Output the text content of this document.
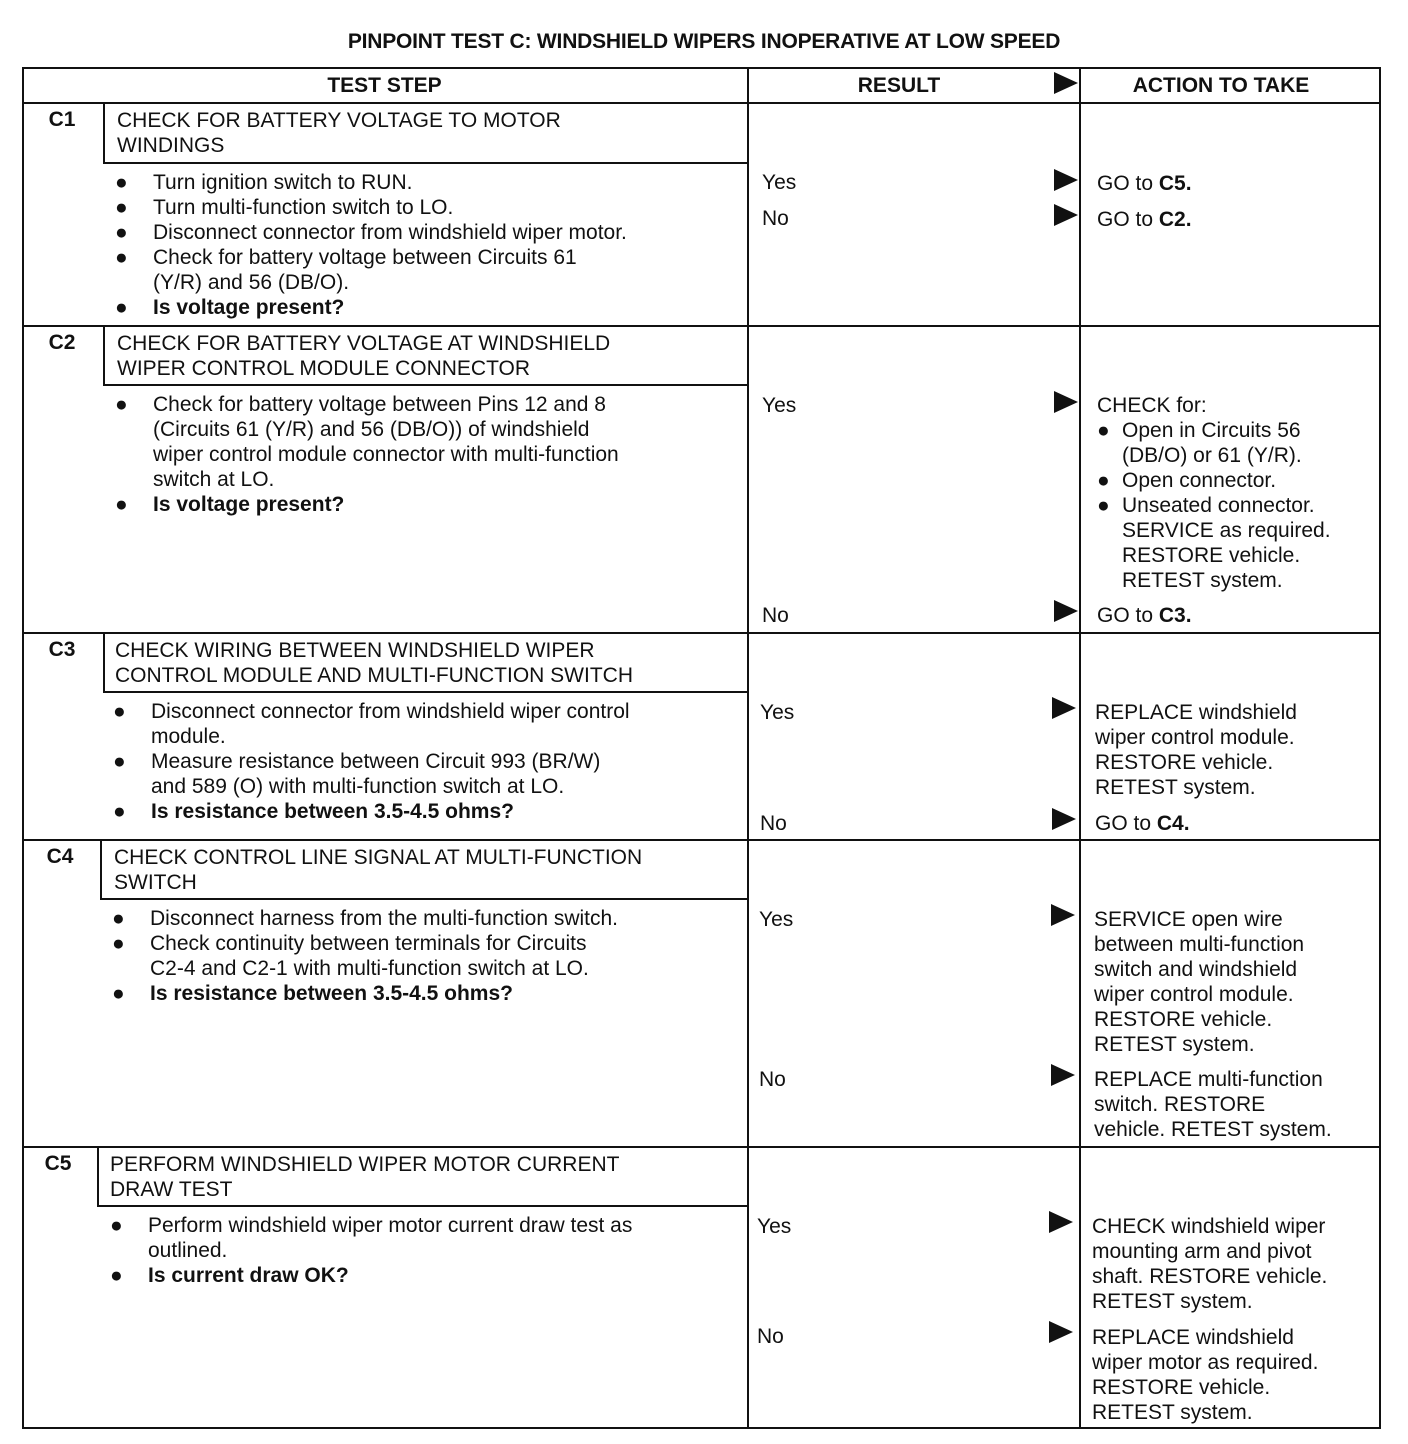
PINPOINT TEST C: WINDSHIELD WIPERS INOPERATIVE AT LOW SPEED
TEST STEP	RESULT	ACTION TO TAKE
C1	CHECK FOR BATTERY VOLTAGE TO MOTOR
WINDINGS
● Turn ignition switch to RUN.
● Turn multi-function switch to LO.
● Disconnect connector from windshield wiper motor.
● Check for battery voltage between Circuits 61
(Y/R) and 56 (DB/O).
● Is voltage present?
Yes	GO to C5.
No	GO to C2.
C2	CHECK FOR BATTERY VOLTAGE AT WINDSHIELD
WIPER CONTROL MODULE CONNECTOR
● Check for battery voltage between Pins 12 and 8
(Circuits 61 (Y/R) and 56 (DB/O)) of windshield
wiper control module connector with multi-function
switch at LO.
● Is voltage present?
Yes	CHECK for:
● Open in Circuits 56
(DB/O) or 61 (Y/R).
● Open connector.
● Unseated connector.
SERVICE as required.
RESTORE vehicle.
RETEST system.
No	GO to C3.
C3	CHECK WIRING BETWEEN WINDSHIELD WIPER
CONTROL MODULE AND MULTI-FUNCTION SWITCH
● Disconnect connector from windshield wiper control
module.
● Measure resistance between Circuit 993 (BR/W)
and 589 (O) with multi-function switch at LO.
● Is resistance between 3.5-4.5 ohms?
Yes	REPLACE windshield
wiper control module.
RESTORE vehicle.
RETEST system.
No	GO to C4.
C4	CHECK CONTROL LINE SIGNAL AT MULTI-FUNCTION
SWITCH
● Disconnect harness from the multi-function switch.
● Check continuity between terminals for Circuits
C2-4 and C2-1 with multi-function switch at LO.
● Is resistance between 3.5-4.5 ohms?
Yes	SERVICE open wire
between multi-function
switch and windshield
wiper control module.
RESTORE vehicle.
RETEST system.
No	REPLACE multi-function
switch. RESTORE
vehicle. RETEST system.
C5	PERFORM WINDSHIELD WIPER MOTOR CURRENT
DRAW TEST
● Perform windshield wiper motor current draw test as
outlined.
● Is current draw OK?
Yes	CHECK windshield wiper
mounting arm and pivot
shaft. RESTORE vehicle.
RETEST system.
No	REPLACE windshield
wiper motor as required.
RESTORE vehicle.
RETEST system.
